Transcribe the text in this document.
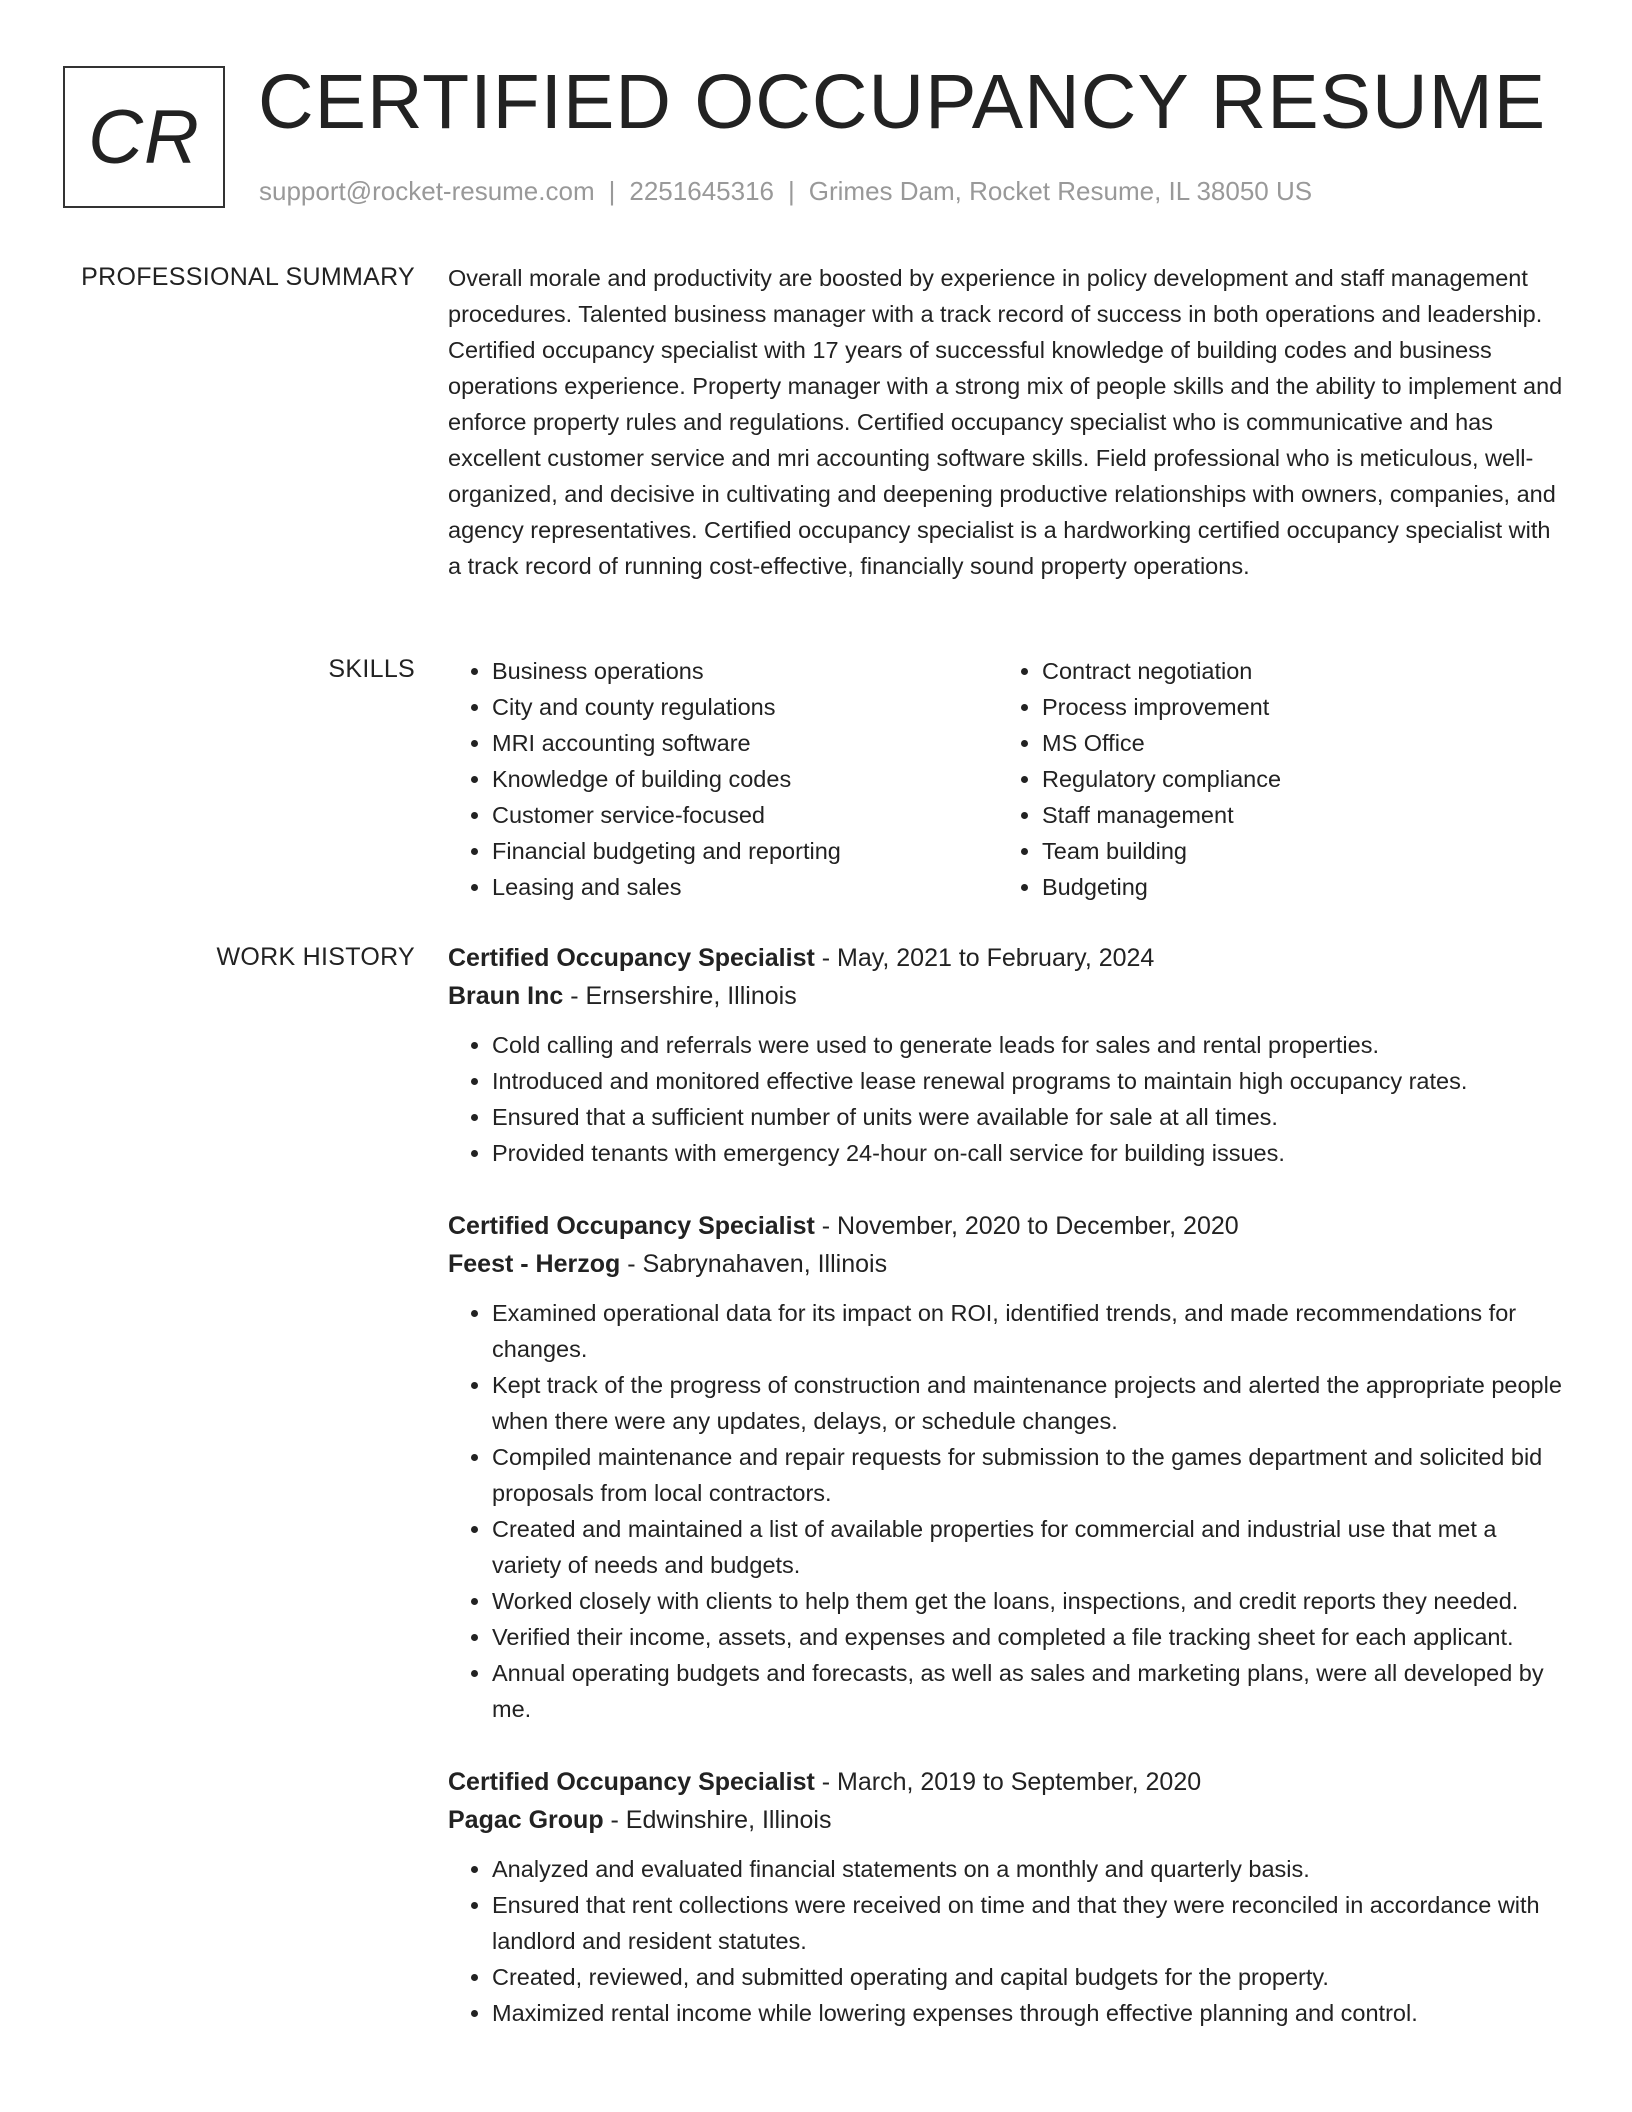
CR CERTIFIED OCCUPANCY RESUME
support@rocket-resume.com | 2251645316 | Grimes Dam, Rocket Resume, IL 38050 US
PROFESSIONAL SUMMARY Overall morale and productivity are boosted by experience in policy development and staff management procedures. Talented business manager with a track record of success in both operations and leadership. Certified occupancy specialist with 17 years of successful knowledge of building codes and business operations experience. Property manager with a strong mix of people skills and the ability to implement and enforce property rules and regulations. Certified occupancy specialist who is communicative and has excellent customer service and mri accounting software skills. Field professional who is meticulous, well-organized, and decisive in cultivating and deepening productive relationships with owners, companies, and agency representatives. Certified occupancy specialist is a hardworking certified occupancy specialist with a track record of running cost-effective, financially sound property operations.

SKILLS
•	Business operations
• City and county regulations
• MRI accounting software
• Knowledge of building codes
• Customer service-focused
• Financial budgeting and reporting
• Leasing and sales
• Contract negotiation
• Process improvement
• MS Office
• Regulatory compliance
• Staff management
• Team building
• Budgeting
WORK HISTORY Certified Occupancy Specialist - May, 2021 to February, 2024
Braun Inc - Ernsershire, Illinois
• Cold calling and referrals were used to generate leads for sales and rental properties.
• Introduced and monitored effective lease renewal programs to maintain high occupancy rates.
• Ensured that a sufficient number of units were available for sale at all times.
• Provided tenants with emergency 24-hour on-call service for building issues.
Certified Occupancy Specialist - November, 2020 to December, 2020
Feest - Herzog - Sabrynahaven, Illinois
• Examined operational data for its impact on ROI, identified trends, and made recommendations for changes.
• Kept track of the progress of construction and maintenance projects and alerted the appropriate people when there were any updates, delays, or schedule changes.
• Compiled maintenance and repair requests for submission to the games department and solicited bid proposals from local contractors.
• Created and maintained a list of available properties for commercial and industrial use that met a variety of needs and budgets.
• Worked closely with clients to help them get the loans, inspections, and credit reports they needed.
• Verified their income, assets, and expenses and completed a file tracking sheet for each applicant.
• Annual operating budgets and forecasts, as well as sales and marketing plans, were all developed by me.
Certified Occupancy Specialist - March, 2019 to September, 2020
Pagac Group - Edwinshire, Illinois
• Analyzed and evaluated financial statements on a monthly and quarterly basis.
• Ensured that rent collections were received on time and that they were reconciled in accordance with landlord and resident statutes.
• Created, reviewed, and submitted operating and capital budgets for the property.
• Maximized rental income while lowering expenses through effective planning and control.
